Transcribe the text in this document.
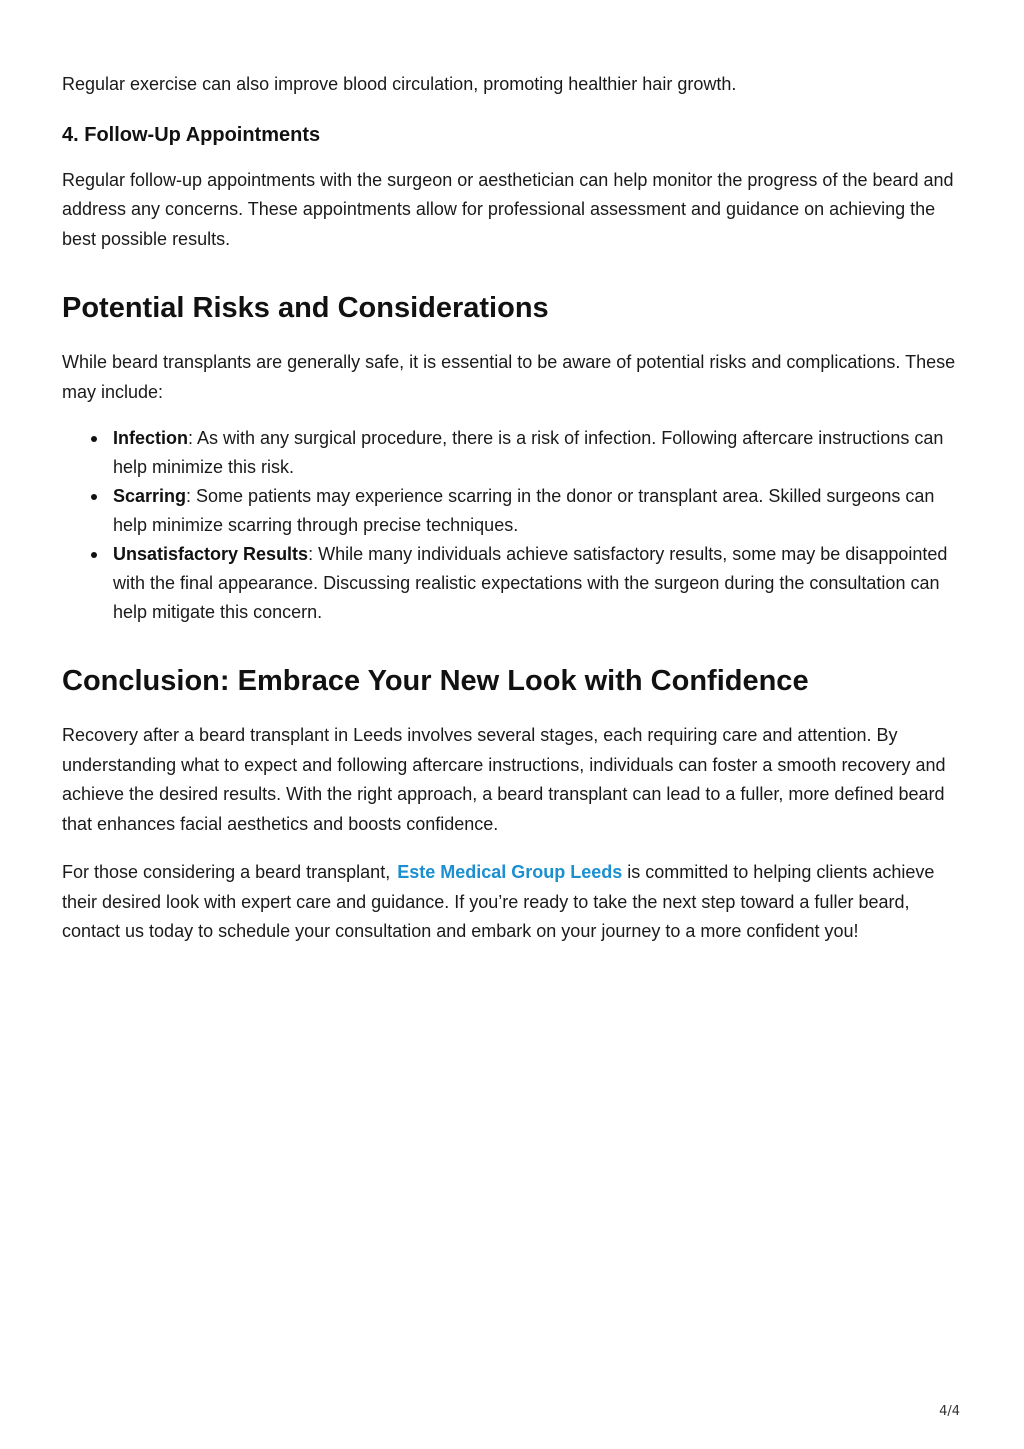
Regular exercise can also improve blood circulation, promoting healthier hair growth.

4. Follow-Up Appointments

Regular follow-up appointments with the surgeon or aesthetician can help monitor the progress of the beard and address any concerns. These appointments allow for professional assessment and guidance on achieving the best possible results.

Potential Risks and Considerations

While beard transplants are generally safe, it is essential to be aware of potential risks and complications. These may include:

Infection: As with any surgical procedure, there is a risk of infection. Following aftercare instructions can help minimize this risk.
Scarring: Some patients may experience scarring in the donor or transplant area. Skilled surgeons can help minimize scarring through precise techniques.
Unsatisfactory Results: While many individuals achieve satisfactory results, some may be disappointed with the final appearance. Discussing realistic expectations with the surgeon during the consultation can help mitigate this concern.
Conclusion: Embrace Your New Look with Confidence

Recovery after a beard transplant in Leeds involves several stages, each requiring care and attention. By understanding what to expect and following aftercare instructions, individuals can foster a smooth recovery and achieve the desired results. With the right approach, a beard transplant can lead to a fuller, more defined beard that enhances facial aesthetics and boosts confidence.

For those considering a beard transplant, Este Medical Group Leeds is committed to helping clients achieve their desired look with expert care and guidance. If you’re ready to take the next step toward a fuller beard, contact us today to schedule your consultation and embark on your journey to a more confident you!

4/4
